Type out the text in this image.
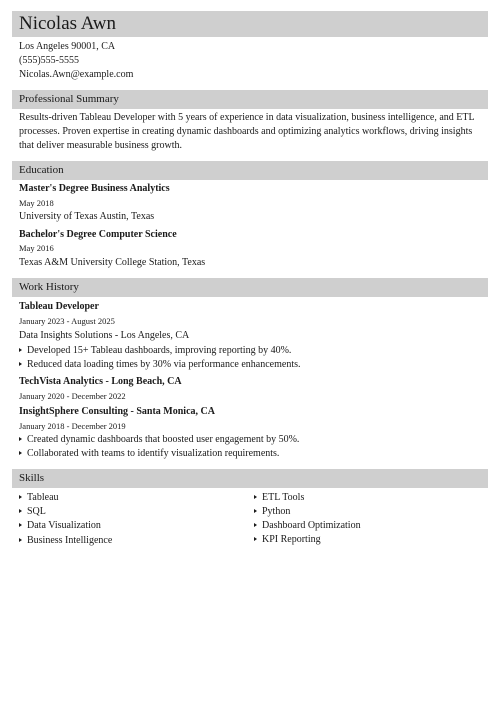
Nicolas Awn
Los Angeles 90001, CA
(555)555-5555
Nicolas.Awn@example.com
Professional Summary
Results-driven Tableau Developer with 5 years of experience in data visualization, business intelligence, and ETL processes. Proven expertise in creating dynamic dashboards and optimizing analytics workflows, driving insights that deliver measurable business growth.
Education
Master's Degree Business Analytics
May 2018
University of Texas Austin, Texas
Bachelor's Degree Computer Science
May 2016
Texas A&M University College Station, Texas
Work History
Tableau Developer
January 2023 - August 2025
Data Insights Solutions - Los Angeles, CA
Developed 15+ Tableau dashboards, improving reporting by 40%.
Reduced data loading times by 30% via performance enhancements.
TechVista Analytics - Long Beach, CA
January 2020 - December 2022
InsightSphere Consulting - Santa Monica, CA
January 2018 - December 2019
Created dynamic dashboards that boosted user engagement by 50%.
Collaborated with teams to identify visualization requirements.
Skills
Tableau
SQL
Data Visualization
Business Intelligence
ETL Tools
Python
Dashboard Optimization
KPI Reporting
